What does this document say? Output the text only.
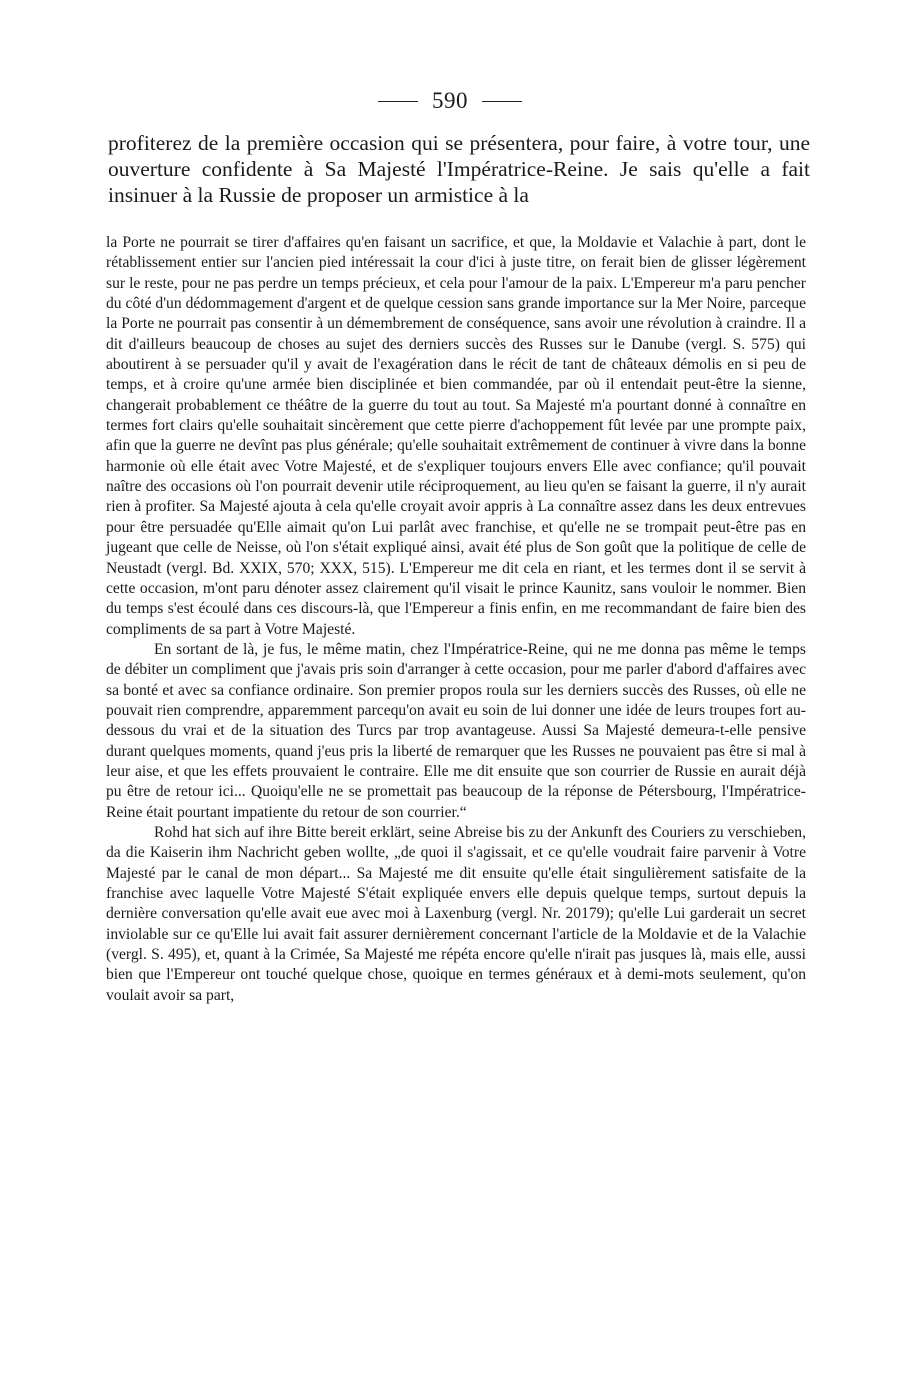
590

profiterez de la première occasion qui se présentera, pour faire, à votre tour, une ouverture confidente à Sa Majesté l'Impératrice-Reine. Je sais qu'elle a fait insinuer à la Russie de proposer un armistice à la

la Porte ne pourrait se tirer d'affaires qu'en faisant un sacrifice, et que, la Moldavie et Valachie à part, dont le rétablissement entier sur l'ancien pied intéressait la cour d'ici à juste titre, on ferait bien de glisser légèrement sur le reste, pour ne pas perdre un temps précieux, et cela pour l'amour de la paix. L'Empereur m'a paru pencher du côté d'un dédommagement d'argent et de quelque cession sans grande importance sur la Mer Noire, parceque la Porte ne pourrait pas consentir à un démembrement de conséquence, sans avoir une révolution à craindre. Il a dit d'ailleurs beaucoup de choses au sujet des derniers succès des Russes sur le Danube (vergl. S. 575) qui aboutirent à se persuader qu'il y avait de l'exagération dans le récit de tant de châteaux démolis en si peu de temps, et à croire qu'une armée bien disciplinée et bien commandée, par où il entendait peut-être la sienne, changerait probablement ce théâtre de la guerre du tout au tout. Sa Majesté m'a pourtant donné à connaître en termes fort clairs qu'elle souhaitait sincèrement que cette pierre d'achoppement fût levée par une prompte paix, afin que la guerre ne devînt pas plus générale; qu'elle souhaitait extrêmement de continuer à vivre dans la bonne harmonie où elle était avec Votre Majesté, et de s'expliquer toujours envers Elle avec confiance; qu'il pouvait naître des occasions où l'on pourrait devenir utile réciproquement, au lieu qu'en se faisant la guerre, il n'y aurait rien à profiter. Sa Majesté ajouta à cela qu'elle croyait avoir appris à La connaître assez dans les deux entrevues pour être persuadée qu'Elle aimait qu'on Lui parlât avec franchise, et qu'elle ne se trompait peut-être pas en jugeant que celle de Neisse, où l'on s'était expliqué ainsi, avait été plus de Son goût que la politique de celle de Neustadt (vergl. Bd. XXIX, 570; XXX, 515). L'Empereur me dit cela en riant, et les termes dont il se servit à cette occasion, m'ont paru dénoter assez clairement qu'il visait le prince Kaunitz, sans vouloir le nommer. Bien du temps s'est écoulé dans ces discours-là, que l'Empereur a finis enfin, en me recommandant de faire bien des compliments de sa part à Votre Majesté.

En sortant de là, je fus, le même matin, chez l'Impératrice-Reine, qui ne me donna pas même le temps de débiter un compliment que j'avais pris soin d'arranger à cette occasion, pour me parler d'abord d'affaires avec sa bonté et avec sa confiance ordinaire. Son premier propos roula sur les derniers succès des Russes, où elle ne pouvait rien comprendre, apparemment parcequ'on avait eu soin de lui donner une idée de leurs troupes fort au-dessous du vrai et de la situation des Turcs par trop avantageuse. Aussi Sa Majesté demeura-t-elle pensive durant quelques moments, quand j'eus pris la liberté de remarquer que les Russes ne pouvaient pas être si mal à leur aise, et que les effets prouvaient le contraire. Elle me dit ensuite que son courrier de Russie en aurait déjà pu être de retour ici... Quoiqu'elle ne se promettait pas beaucoup de la réponse de Pétersbourg, l'Impératrice-Reine était pourtant impatiente du retour de son courrier.“

Rohd hat sich auf ihre Bitte bereit erklärt, seine Abreise bis zu der Ankunft des Couriers zu verschieben, da die Kaiserin ihm Nachricht geben wollte, „de quoi il s'agissait, et ce qu'elle voudrait faire parvenir à Votre Majesté par le canal de mon départ... Sa Majesté me dit ensuite qu'elle était singulièrement satisfaite de la franchise avec laquelle Votre Majesté S'était expliquée envers elle depuis quelque temps, surtout depuis la dernière conversation qu'elle avait eue avec moi à Laxenburg (vergl. Nr. 20179); qu'elle Lui garderait un secret inviolable sur ce qu'Elle lui avait fait assurer dernièrement concernant l'article de la Moldavie et de la Valachie (vergl. S. 495), et, quant à la Crimée, Sa Majesté me répéta encore qu'elle n'irait pas jusques là, mais elle, aussi bien que l'Empereur ont touché quelque chose, quoique en termes généraux et à demi-mots seulement, qu'on voulait avoir sa part,
